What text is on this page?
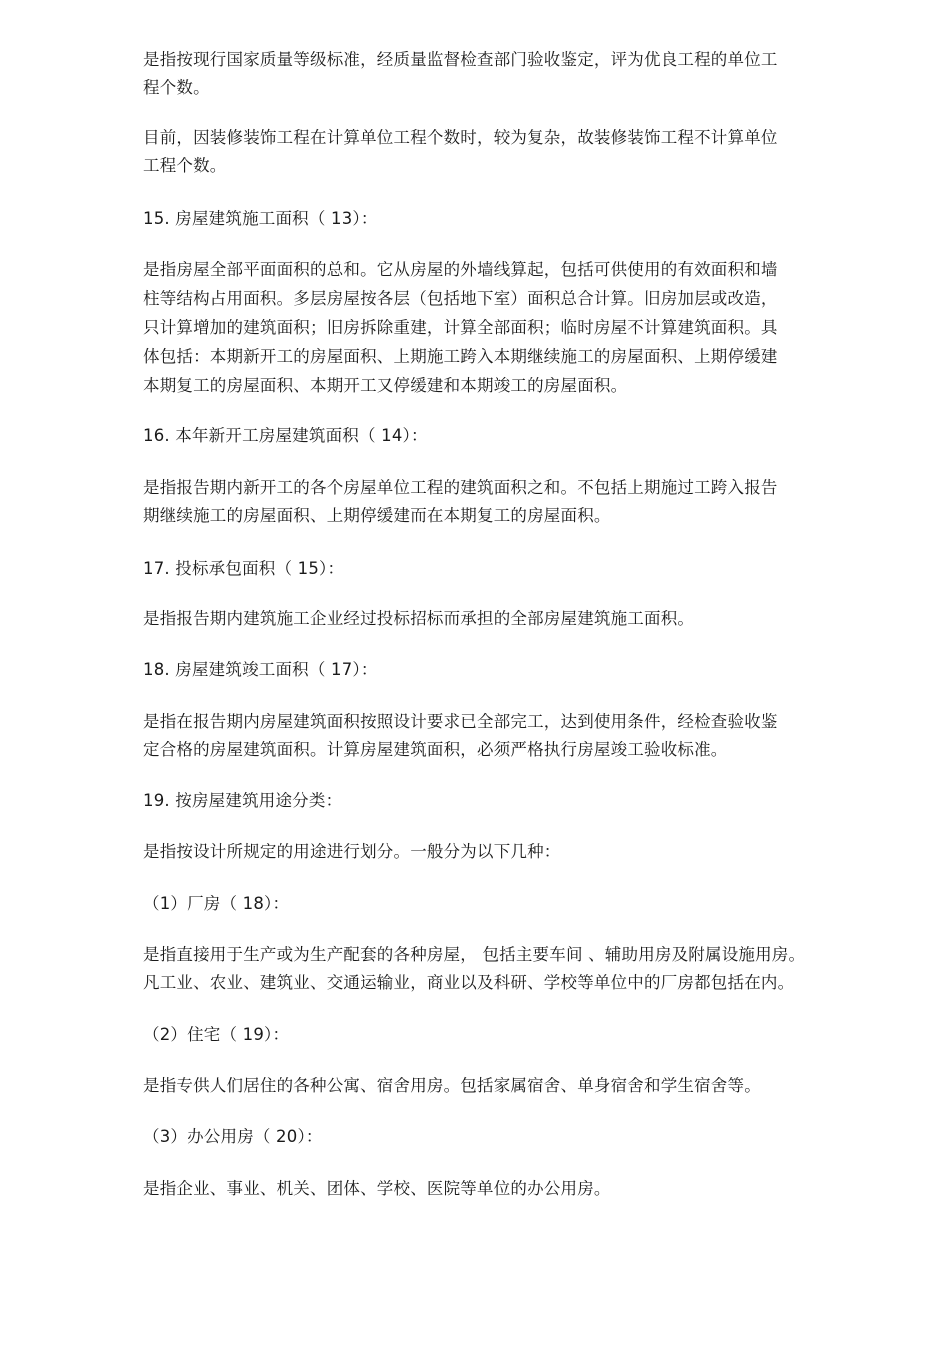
是指按现行国家质量等级标准，经质量监督检查部门验收鉴定，评为优良工程的单位工
程个数。
目前，因装修装饰工程在计算单位工程个数时，较为复杂，故装修装饰工程不计算单位
工程个数。
15. 房屋建筑施工面积（ 13）：
是指房屋全部平面面积的总和。它从房屋的外墙线算起，包括可供使用的有效面积和墙
柱等结构占用面积。多层房屋按各层（包括地下室）面积总合计算。旧房加层或改造，
只计算增加的建筑面积；旧房拆除重建，计算全部面积；临时房屋不计算建筑面积。具
体包括：本期新开工的房屋面积、上期施工跨入本期继续施工的房屋面积、上期停缓建
本期复工的房屋面积、本期开工又停缓建和本期竣工的房屋面积。
16. 本年新开工房屋建筑面积（ 14）：
是指报告期内新开工的各个房屋单位工程的建筑面积之和。不包括上期施过工跨入报告
期继续施工的房屋面积、上期停缓建而在本期复工的房屋面积。
17. 投标承包面积（ 15）：
是指报告期内建筑施工企业经过投标招标而承担的全部房屋建筑施工面积。
18. 房屋建筑竣工面积（ 17）：
是指在报告期内房屋建筑面积按照设计要求已全部完工，达到使用条件，经检查验收鉴
定合格的房屋建筑面积。计算房屋建筑面积，必须严格执行房屋竣工验收标准。
19. 按房屋建筑用途分类：
是指按设计所规定的用途进行划分。一般分为以下几种：
（1）厂房（ 18）：
是指直接用于生产或为生产配套的各种房屋， 包括主要车间 、辅助用房及附属设施用房。
凡工业、农业、建筑业、交通运输业，商业以及科研、学校等单位中的厂房都包括在内。
（2）住宅（ 19）：
是指专供人们居住的各种公寓、宿舍用房。包括家属宿舍、单身宿舍和学生宿舍等。
（3）办公用房（ 20）：
是指企业、事业、机关、团体、学校、医院等单位的办公用房。
